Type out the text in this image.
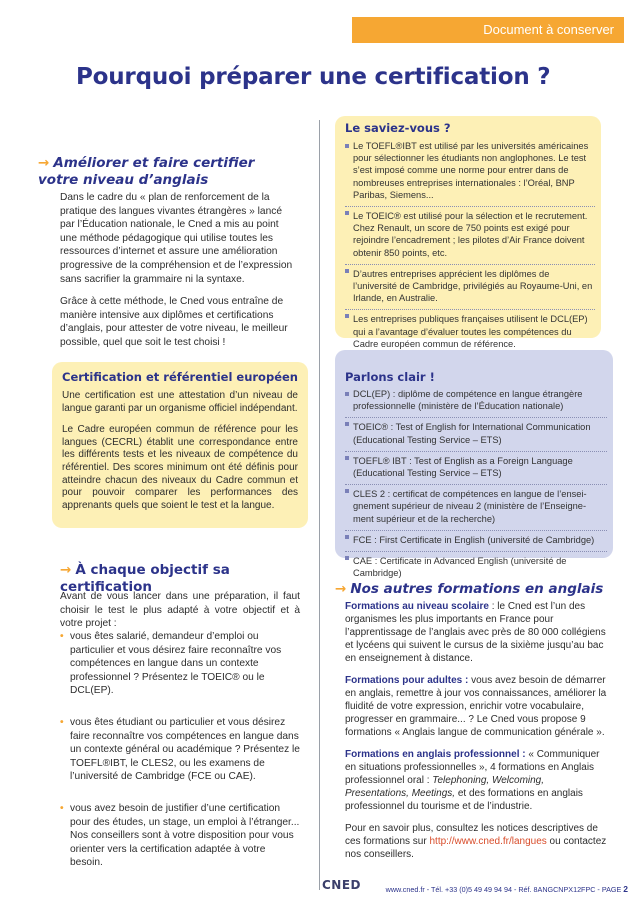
Document à conserver
Pourquoi préparer une certification ?
→ Améliorer et faire certifier votre niveau d’anglais

Dans le cadre du « plan de renforcement de la pratique des langues vivantes étrangères » lancé par l’Éducation nationale, le Cned a mis au point une méthode pédagogique qui utilise toutes les ressources d’internet et assure une amélioration progressive de la compréhension et de l’expression sans sacrifier la grammaire ni la syntaxe.

Grâce à cette méthode, le Cned vous entraîne de manière intensive aux diplômes et certifications d’anglais, pour attester de votre niveau, le meilleur possible, quel que soit le test choisi !

Certification et référentiel européen

Une certification est une attestation d’un niveau de langue garanti par un organisme officiel indépendant.

Le Cadre européen commun de référence pour les langues (CECRL) établit une correspondance entre les différents tests et les niveaux de compétence du référentiel. Des scores minimum ont été définis pour atteindre chacun des niveaux du Cadre commun et pour pouvoir comparer les performances des apprenants quels que soient le test et la langue.

→ À chaque objectif sa certification
Avant de vous lancer dans une préparation, il faut choisir le test le plus adapté à votre objectif et à votre projet :
• vous êtes salarié, demandeur d’emploi ou particulier et vous désirez faire reconnaître vos compétences en langue dans un contexte professionnel ? Présentez le TOEIC® ou le DCL(EP).
• vous êtes étudiant ou particulier et vous désirez faire reconnaître vos compétences en langue dans un contexte général ou académique ? Présentez le TOEFL®IBT, le CLES2, ou les examens de l’université de Cambridge (FCE ou CAE).
• vous avez besoin de justifier d’une certification pour des études, un stage, un emploi à l’étranger... Nos conseillers sont à votre disposition pour vous orienter vers la certification adaptée à votre besoin.
Le saviez-vous ?
Le TOEFL®IBT est utilisé par les universités américaines pour sélectionner les étudiants non anglophones. Le test s’est imposé comme une norme pour entrer dans de nombreuses entreprises internationales : l’Oréal, BNP Paribas, Siemens...
Le TOEIC® est utilisé pour la sélection et le recrutement. Chez Renault, un score de 750 points est exigé pour rejoindre l’encadrement ; les pilotes d’Air France doivent obtenir 850 points, etc.
D’autres entreprises apprécient les diplômes de l’université de Cambridge, privilégiés au Royaume-Uni, en Irlande, en Australie.
Les entreprises publiques françaises utilisent le DCL(EP) qui a l’avantage d’évaluer toutes les compétences du Cadre européen commun de référence.
Parlons clair !
DCL(EP) : diplôme de compétence en langue étrangère professionnelle (ministère de l’Éducation nationale)
TOEIC® : Test of English for International Communication (Educational Testing Service – ETS)
TOEFL® IBT : Test of English as a Foreign Language (Educational Testing Service – ETS)
CLES 2 : certificat de compétences en langue de l’ensei- gnement supérieur de niveau 2 (ministère de l’Enseigne- ment supérieur et de la recherche)
FCE : First Certificate in English (université de Cambridge)
CAE : Certificate in Advanced English (université de Cambridge)
→ Nos autres formations en anglais

Formations au niveau scolaire : le Cned est l’un des organismes les plus importants en France pour l’apprentissage de l’anglais avec près de 80 000 collégiens et lycéens qui suivent le cursus de la sixième jusqu’au bac en enseignement à distance.

Formations pour adultes : vous avez besoin de démarrer en anglais, remettre à jour vos connaissances, améliorer la fluidité de votre expression, enrichir votre vocabulaire, progresser en grammaire... ? Le Cned vous propose 9 formations « Anglais langue de communication générale ».

Formations en anglais professionnel : « Communiquer en situations professionnelles », 4 formations en Anglais professionnel oral : Telephoning, Welcoming, Presentations, Meetings, et des formations en anglais professionnel du tourisme et de l’industrie.

Pour en savoir plus, consultez les notices descriptives de ces formations sur http://www.cned.fr/langues ou contactez nos conseillers.

CNED	www.cned.fr - Tél. +33 (0)5 49 49 94 94 - Réf. 8ANGCNPX12FPC - PAGE 2
